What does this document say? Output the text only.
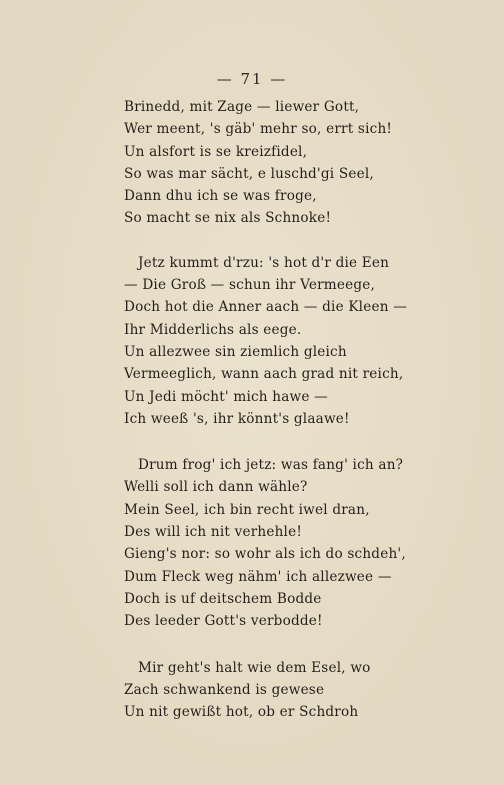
— 71 —
Brinedd, mit Zage — liewer Gott,
Wer meent, 's gäb' mehr so, errt sich!
Un alsfort is se kreizfidel,
So was mar sächt, e luschd'gi Seel,
Dann dhu ich se was froge,
So macht se nix als Schnoke!
Jetz kummt d'rzu: 's hot d'r die Een
— Die Groß — schun ihr Vermeege,
Doch hot die Anner aach — die Kleen —
Ihr Midderlichs als eege.
Un allezwee sin ziemlich gleich
Vermeeglich, wann aach grad nit reich,
Un Jedi möcht' mich hawe —
Ich weeß 's, ihr könnt's glaawe!
Drum frog' ich jetz: was fang' ich an?
Welli soll ich dann wähle?
Mein Seel, ich bin recht iwel dran,
Des will ich nit verhehle!
Gieng's nor: so wohr als ich do schdeh',
Dum Fleck weg nähm' ich allezwee —
Doch is uf deitschem Bodde
Des leeder Gott's verbodde!
Mir geht's halt wie dem Esel, wo
Zach schwankend is gewese
Un nit gewißt hot, ob er Schdroh
